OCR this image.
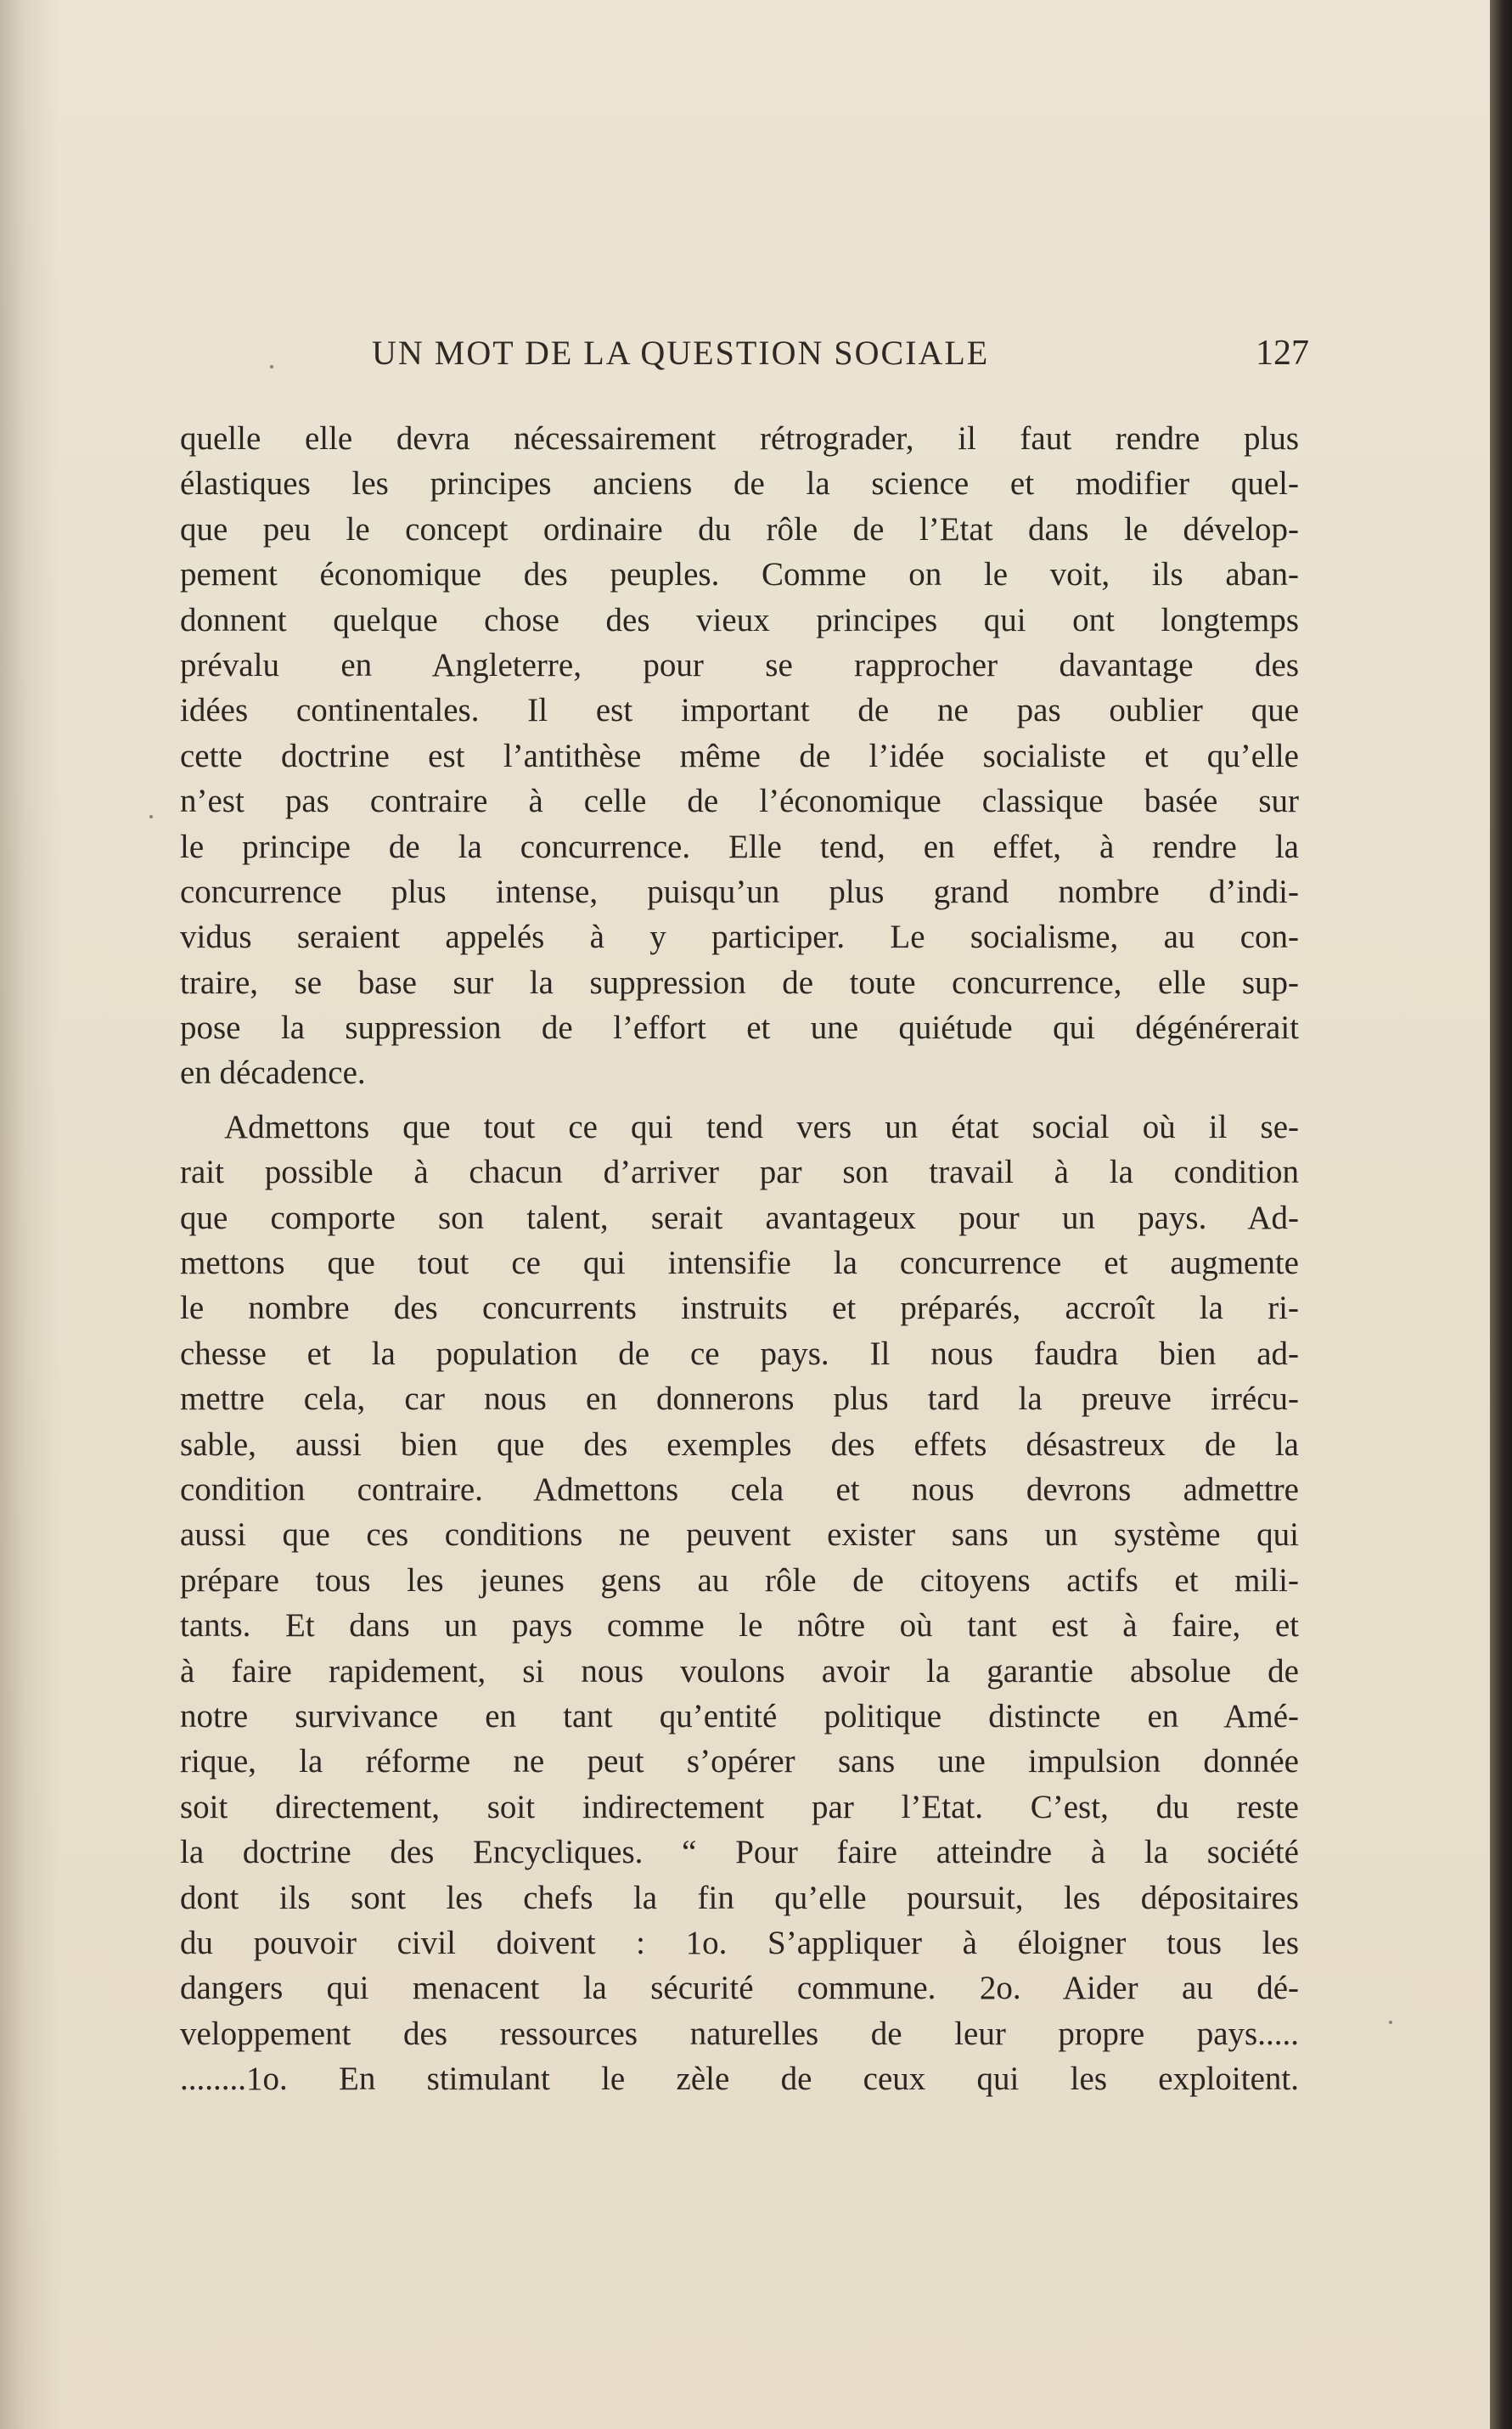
UN MOT DE LA QUESTION SOCIALE	127

quelle elle devra nécessairement rétrograder, il faut rendre plus
élastiques les principes anciens de la science et modifier quel-
que peu le concept ordinaire du rôle de l’Etat dans le dévelop-
pement économique des peuples. Comme on le voit, ils aban-
donnent quelque chose des vieux principes qui ont longtemps
prévalu en Angleterre, pour se rapprocher davantage des
idées continentales. Il est important de ne pas oublier que
cette doctrine est l’antithèse même de l’idée socialiste et qu’elle
n’est pas contraire à celle de l’économique classique basée sur
le principe de la concurrence. Elle tend, en effet, à rendre la
concurrence plus intense, puisqu’un plus grand nombre d’indi-
vidus seraient appelés à y participer. Le socialisme, au con-
traire, se base sur la suppression de toute concurrence, elle sup-
pose la suppression de l’effort et une quiétude qui dégénérerait
en décadence.

Admettons que tout ce qui tend vers un état social où il se-
rait possible à chacun d’arriver par son travail à la condition
que comporte son talent, serait avantageux pour un pays. Ad-
mettons que tout ce qui intensifie la concurrence et augmente
le nombre des concurrents instruits et préparés, accroît la ri-
chesse et la population de ce pays. Il nous faudra bien ad-
mettre cela, car nous en donnerons plus tard la preuve irrécu-
sable, aussi bien que des exemples des effets désastreux de la
condition contraire. Admettons cela et nous devrons admettre
aussi que ces conditions ne peuvent exister sans un système qui
prépare tous les jeunes gens au rôle de citoyens actifs et mili-
tants. Et dans un pays comme le nôtre où tant est à faire, et
à faire rapidement, si nous voulons avoir la garantie absolue de
notre survivance en tant qu’entité politique distincte en Amé-
rique, la réforme ne peut s’opérer sans une impulsion donnée
soit directement, soit indirectement par l’Etat. C’est, du reste
la doctrine des Encycliques. “ Pour faire atteindre à la société
dont ils sont les chefs la fin qu’elle poursuit, les dépositaires
du pouvoir civil doivent : 1o. S’appliquer à éloigner tous les
dangers qui menacent la sécurité commune. 2o. Aider au dé-
veloppement des ressources naturelles de leur propre pays.....
........1o. En stimulant le zèle de ceux qui les exploitent.
